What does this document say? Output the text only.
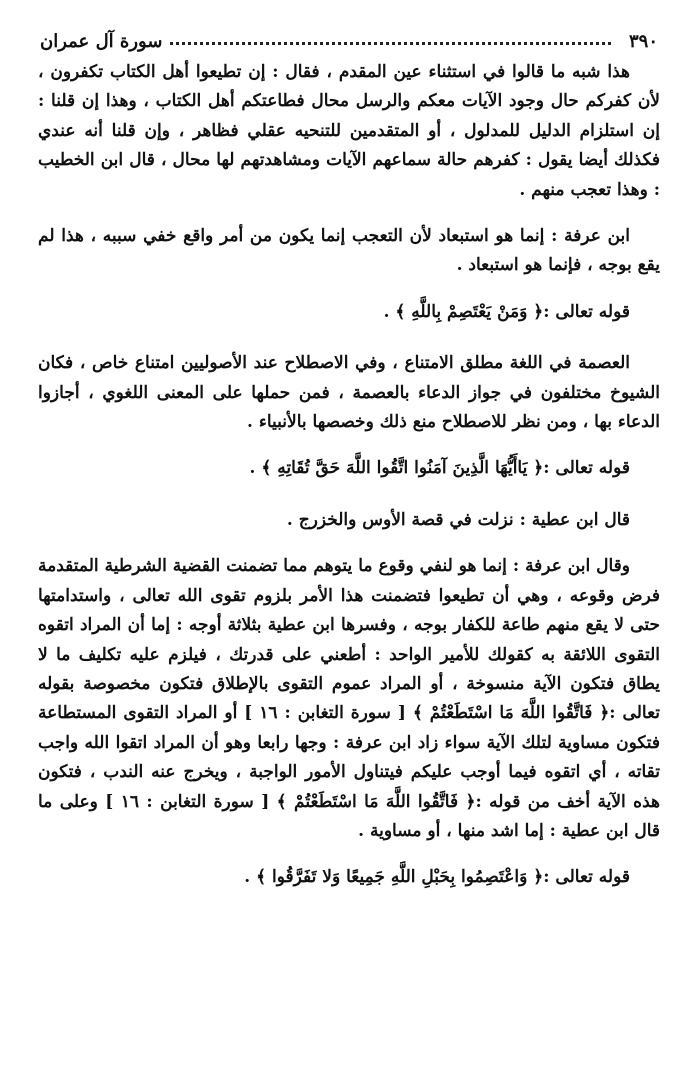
٣٩٠
سورة آل عمران

هذا شبه ما قالوا في استثناء عين المقدم ، فقال : إن تطيعوا أهل الكتاب تكفرون ، لأن كفركم حال وجود الآيات معكم والرسل محال فطاعتكم أهل الكتاب ، وهذا إن قلنا : إن استلزام الدليل للمدلول ، أو المتقدمين للتنحيه عقلي فظاهر ، وإن قلنا أنه عندي فكذلك أيضا يقول : كفرهم حالة سماعهم الآيات ومشاهدتهم لها محال ، قال ابن الخطيب : وهذا تعجب منهم .

ابن عرفة : إنما هو استبعاد لأن التعجب إنما يكون من أمر واقع خفي سببه ، هذا لم يقع بوجه ، فإنما هو استبعاد .

قوله تعالى :﴿ وَمَنْ يَعْتَصِمْ بِاللَّهِ ﴾ .

العصمة في اللغة مطلق الامتناع ، وفي الاصطلاح عند الأصوليين امتناع خاص ، فكان الشيوخ مختلفون في جواز الدعاء بالعصمة ، فمن حملها على المعنى اللغوي ، أجازوا الدعاء بها ، ومن نظر للاصطلاح منع ذلك وخصصها بالأنبياء .

قوله تعالى :﴿ يَاأَيُّهَا الَّذِينَ آمَنُوا اتَّقُوا اللَّهَ حَقَّ تُقَاتِهِ ﴾ .

قال ابن عطية : نزلت في قصة الأوس والخزرج .

وقال ابن عرفة : إنما هو لنفي وقوع ما يتوهم مما تضمنت القضية الشرطية المتقدمة فرض وقوعه ، وهي أن تطيعوا فتضمنت هذا الأمر بلزوم تقوى الله تعالى ، واستدامتها حتى لا يقع منهم طاعة للكفار بوجه ، وفسرها ابن عطية بثلاثة أوجه : إما أن المراد اتقوه التقوى اللائقة به كقولك للأمير الواحد : أطعني على قدرتك ، فيلزم عليه تكليف ما لا يطاق فتكون الآية منسوخة ، أو المراد عموم التقوى بالإطلاق فتكون مخصوصة بقوله تعالى :﴿ فَاتَّقُوا اللَّهَ مَا اسْتَطَعْتُمْ ﴾ [ سورة التغابن : ١٦ ] أو المراد التقوى المستطاعة فتكون مساوية لتلك الآية سواء زاد ابن عرفة : وجها رابعا وهو أن المراد اتقوا الله واجب تقاته ، أي اتقوه فيما أوجب عليكم فيتناول الأمور الواجبة ، ويخرج عنه الندب ، فتكون هذه الآية أخف من قوله :﴿ فَاتَّقُوا اللَّهَ مَا اسْتَطَعْتُمْ ﴾ [ سورة التغابن : ١٦ ] وعلى ما قال ابن عطية : إما اشد منها ، أو مساوية .

قوله تعالى :﴿ وَاعْتَصِمُوا بِحَبْلِ اللَّهِ جَمِيعًا وَلا تَفَرَّقُوا ﴾ .
